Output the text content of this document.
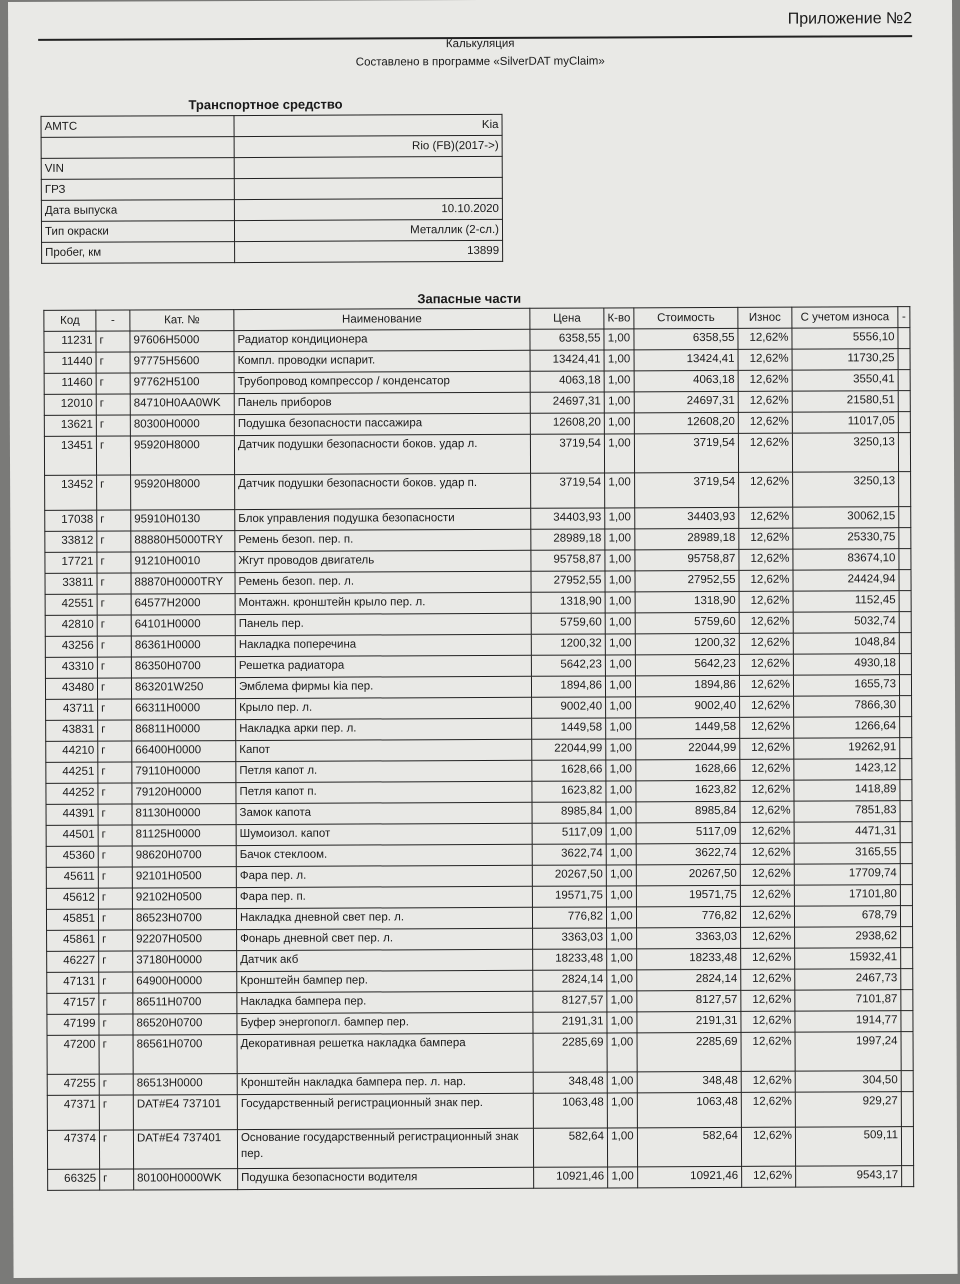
Приложение №2
Калькуляция
Составлено в программе «SilverDAT myClaim»
Транспортное средство
АМТС	Kia
	Rio (FB)(2017->)
VIN	
ГРЗ	
Дата выпуска	10.10.2020
Тип окраски	Металлик (2-сл.)
Пробег, км	13899
Запасные части
Код	-	Кат. №	Наименование	Цена	К-во	Стоимость	Износ	С учетом износа	-
11231	г	97606H5000	Радиатор кондиционера	6358,55	1,00	6358,55	12,62%	5556,10	
11440	г	97775H5600	Компл. проводки испарит.	13424,41	1,00	13424,41	12,62%	11730,25	
11460	г	97762H5100	Трубопровод компрессор / конденсатор	4063,18	1,00	4063,18	12,62%	3550,41	
12010	г	84710H0AA0WK	Панель приборов	24697,31	1,00	24697,31	12,62%	21580,51	
13621	г	80300H0000	Подушка безопасности пассажира	12608,20	1,00	12608,20	12,62%	11017,05	
13451	г	95920H8000	Датчик подушки безопасности боков. удар л.	3719,54	1,00	3719,54	12,62%	3250,13	
13452	г	95920H8000	Датчик подушки безопасности боков. удар п.	3719,54	1,00	3719,54	12,62%	3250,13	
17038	г	95910H0130	Блок управления подушка безопасности	34403,93	1,00	34403,93	12,62%	30062,15	
33812	г	88880H5000TRY	Ремень безоп. пер. п.	28989,18	1,00	28989,18	12,62%	25330,75	
17721	г	91210H0010	Жгут проводов двигатель	95758,87	1,00	95758,87	12,62%	83674,10	
33811	г	88870H0000TRY	Ремень безоп. пер. л.	27952,55	1,00	27952,55	12,62%	24424,94	
42551	г	64577H2000	Монтажн. кронштейн крыло пер. л.	1318,90	1,00	1318,90	12,62%	1152,45	
42810	г	64101H0000	Панель пер.	5759,60	1,00	5759,60	12,62%	5032,74	
43256	г	86361H0000	Накладка поперечина	1200,32	1,00	1200,32	12,62%	1048,84	
43310	г	86350H0700	Решетка радиатора	5642,23	1,00	5642,23	12,62%	4930,18	
43480	г	863201W250	Эмблема фирмы kia пер.	1894,86	1,00	1894,86	12,62%	1655,73	
43711	г	66311H0000	Крыло пер. л.	9002,40	1,00	9002,40	12,62%	7866,30	
43831	г	86811H0000	Накладка арки пер. л.	1449,58	1,00	1449,58	12,62%	1266,64	
44210	г	66400H0000	Капот	22044,99	1,00	22044,99	12,62%	19262,91	
44251	г	79110H0000	Петля капот л.	1628,66	1,00	1628,66	12,62%	1423,12	
44252	г	79120H0000	Петля капот п.	1623,82	1,00	1623,82	12,62%	1418,89	
44391	г	81130H0000	Замок капота	8985,84	1,00	8985,84	12,62%	7851,83	
44501	г	81125H0000	Шумоизол. капот	5117,09	1,00	5117,09	12,62%	4471,31	
45360	г	98620H0700	Бачок стеклоом.	3622,74	1,00	3622,74	12,62%	3165,55	
45611	г	92101H0500	Фара пер. л.	20267,50	1,00	20267,50	12,62%	17709,74	
45612	г	92102H0500	Фара пер. п.	19571,75	1,00	19571,75	12,62%	17101,80	
45851	г	86523H0700	Накладка дневной свет пер. л.	776,82	1,00	776,82	12,62%	678,79	
45861	г	92207H0500	Фонарь дневной свет пер. л.	3363,03	1,00	3363,03	12,62%	2938,62	
46227	г	37180H0000	Датчик акб	18233,48	1,00	18233,48	12,62%	15932,41	
47131	г	64900H0000	Кронштейн бампер пер.	2824,14	1,00	2824,14	12,62%	2467,73	
47157	г	86511H0700	Накладка бампера пер.	8127,57	1,00	8127,57	12,62%	7101,87	
47199	г	86520H0700	Буфер энергопогл. бампер пер.	2191,31	1,00	2191,31	12,62%	1914,77	
47200	г	86561H0700	Декоративная решетка накладка бампера	2285,69	1,00	2285,69	12,62%	1997,24	
47255	г	86513H0000	Кронштейн накладка бампера пер. л. нар.	348,48	1,00	348,48	12,62%	304,50	
47371	г	DAT#E4 737101	Государственный регистрационный знак пер.	1063,48	1,00	1063,48	12,62%	929,27	
47374	г	DAT#E4 737401	Основание государственный регистрационный знак пер.	582,64	1,00	582,64	12,62%	509,11	
66325	г	80100H0000WK	Подушка безопасности водителя	10921,46	1,00	10921,46	12,62%	9543,17	
